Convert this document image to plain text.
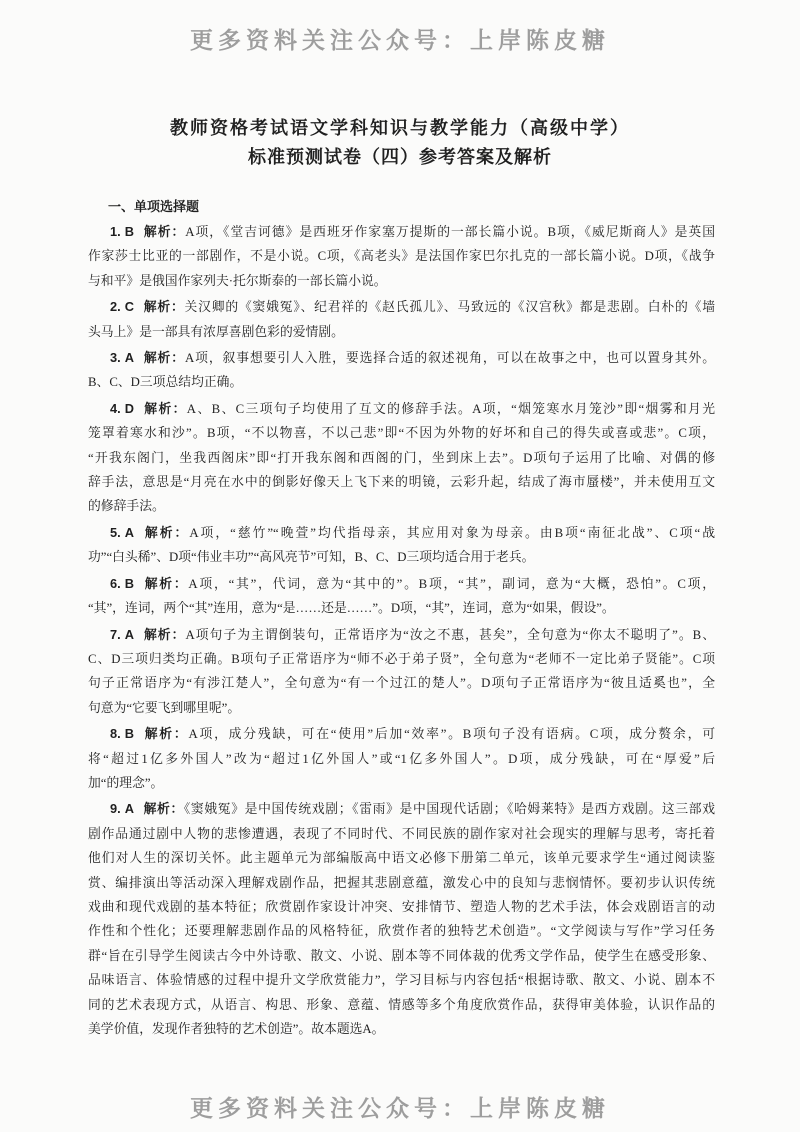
更多资料关注公众号：上岸陈皮糖
教师资格考试语文学科知识与教学能力（高级中学）
标准预测试卷（四）参考答案及解析
一、单项选择题
1. B 解析：A项，《堂吉诃德》是西班牙作家塞万提斯的一部长篇小说。B项，《威尼斯商人》是英国
作家莎士比亚的一部剧作，不是小说。C项，《高老头》是法国作家巴尔扎克的一部长篇小说。D项，《战争
与和平》是俄国作家列夫·托尔斯泰的一部长篇小说。
2. C 解析：关汉卿的《窦娥冤》、纪君祥的《赵氏孤儿》、马致远的《汉宫秋》都是悲剧。白朴的《墙
头马上》是一部具有浓厚喜剧色彩的爱情剧。
3. A 解析：A项，叙事想要引人入胜，要选择合适的叙述视角，可以在故事之中，也可以置身其外。
B、C、D三项总结均正确。
4. D 解析：A、B、C三项句子均使用了互文的修辞手法。A项，“烟笼寒水月笼沙”即“烟雾和月光
笼罩着寒水和沙”。B项，“不以物喜，不以己悲”即“不因为外物的好坏和自己的得失或喜或悲”。C项，
“开我东阁门，坐我西阁床”即“打开我东阁和西阁的门，坐到床上去”。D项句子运用了比喻、对偶的修
辞手法，意思是“月亮在水中的倒影好像天上飞下来的明镜，云彩升起，结成了海市蜃楼”，并未使用互文
的修辞手法。
5. A 解析：A项，“慈竹”“晚萱”均代指母亲，其应用对象为母亲。由B项“南征北战”、C项“战
功”“白头稀”、D项“伟业丰功”“高风亮节”可知，B、C、D三项均适合用于老兵。
6. B 解析：A项，“其”，代词，意为“其中的”。B项，“其”，副词，意为“大概，恐怕”。C项，
“其”，连词，两个“其”连用，意为“是……还是……”。D项，“其”，连词，意为“如果，假设”。
7. A 解析：A项句子为主谓倒装句，正常语序为“汝之不惠，甚矣”，全句意为“你太不聪明了”。B、
C、D三项归类均正确。B项句子正常语序为“师不必于弟子贤”，全句意为“老师不一定比弟子贤能”。C项
句子正常语序为“有涉江楚人”，全句意为“有一个过江的楚人”。D项句子正常语序为“彼且适奚也”，全
句意为“它要飞到哪里呢”。
8. B 解析：A项，成分残缺，可在“使用”后加“效率”。B项句子没有语病。C项，成分赘余，可
将“超过1亿多外国人”改为“超过1亿外国人”或“1亿多外国人”。D项，成分残缺，可在“厚爱”后
加“的理念”。
9. A 解析：《窦娥冤》是中国传统戏剧；《雷雨》是中国现代话剧；《哈姆莱特》是西方戏剧。这三部戏
剧作品通过剧中人物的悲惨遭遇，表现了不同时代、不同民族的剧作家对社会现实的理解与思考，寄托着
他们对人生的深切关怀。此主题单元为部编版高中语文必修下册第二单元，该单元要求学生“通过阅读鉴
赏、编排演出等活动深入理解戏剧作品，把握其悲剧意蕴，激发心中的良知与悲悯情怀。要初步认识传统
戏曲和现代戏剧的基本特征；欣赏剧作家设计冲突、安排情节、塑造人物的艺术手法，体会戏剧语言的动
作性和个性化；还要理解悲剧作品的风格特征，欣赏作者的独特艺术创造”。“文学阅读与写作”学习任务
群“旨在引导学生阅读古今中外诗歌、散文、小说、剧本等不同体裁的优秀文学作品，使学生在感受形象、
品味语言、体验情感的过程中提升文学欣赏能力”，学习目标与内容包括“根据诗歌、散文、小说、剧本不
同的艺术表现方式，从语言、构思、形象、意蕴、情感等多个角度欣赏作品，获得审美体验，认识作品的
美学价值，发现作者独特的艺术创造”。故本题选A。
更多资料关注公众号：上岸陈皮糖
